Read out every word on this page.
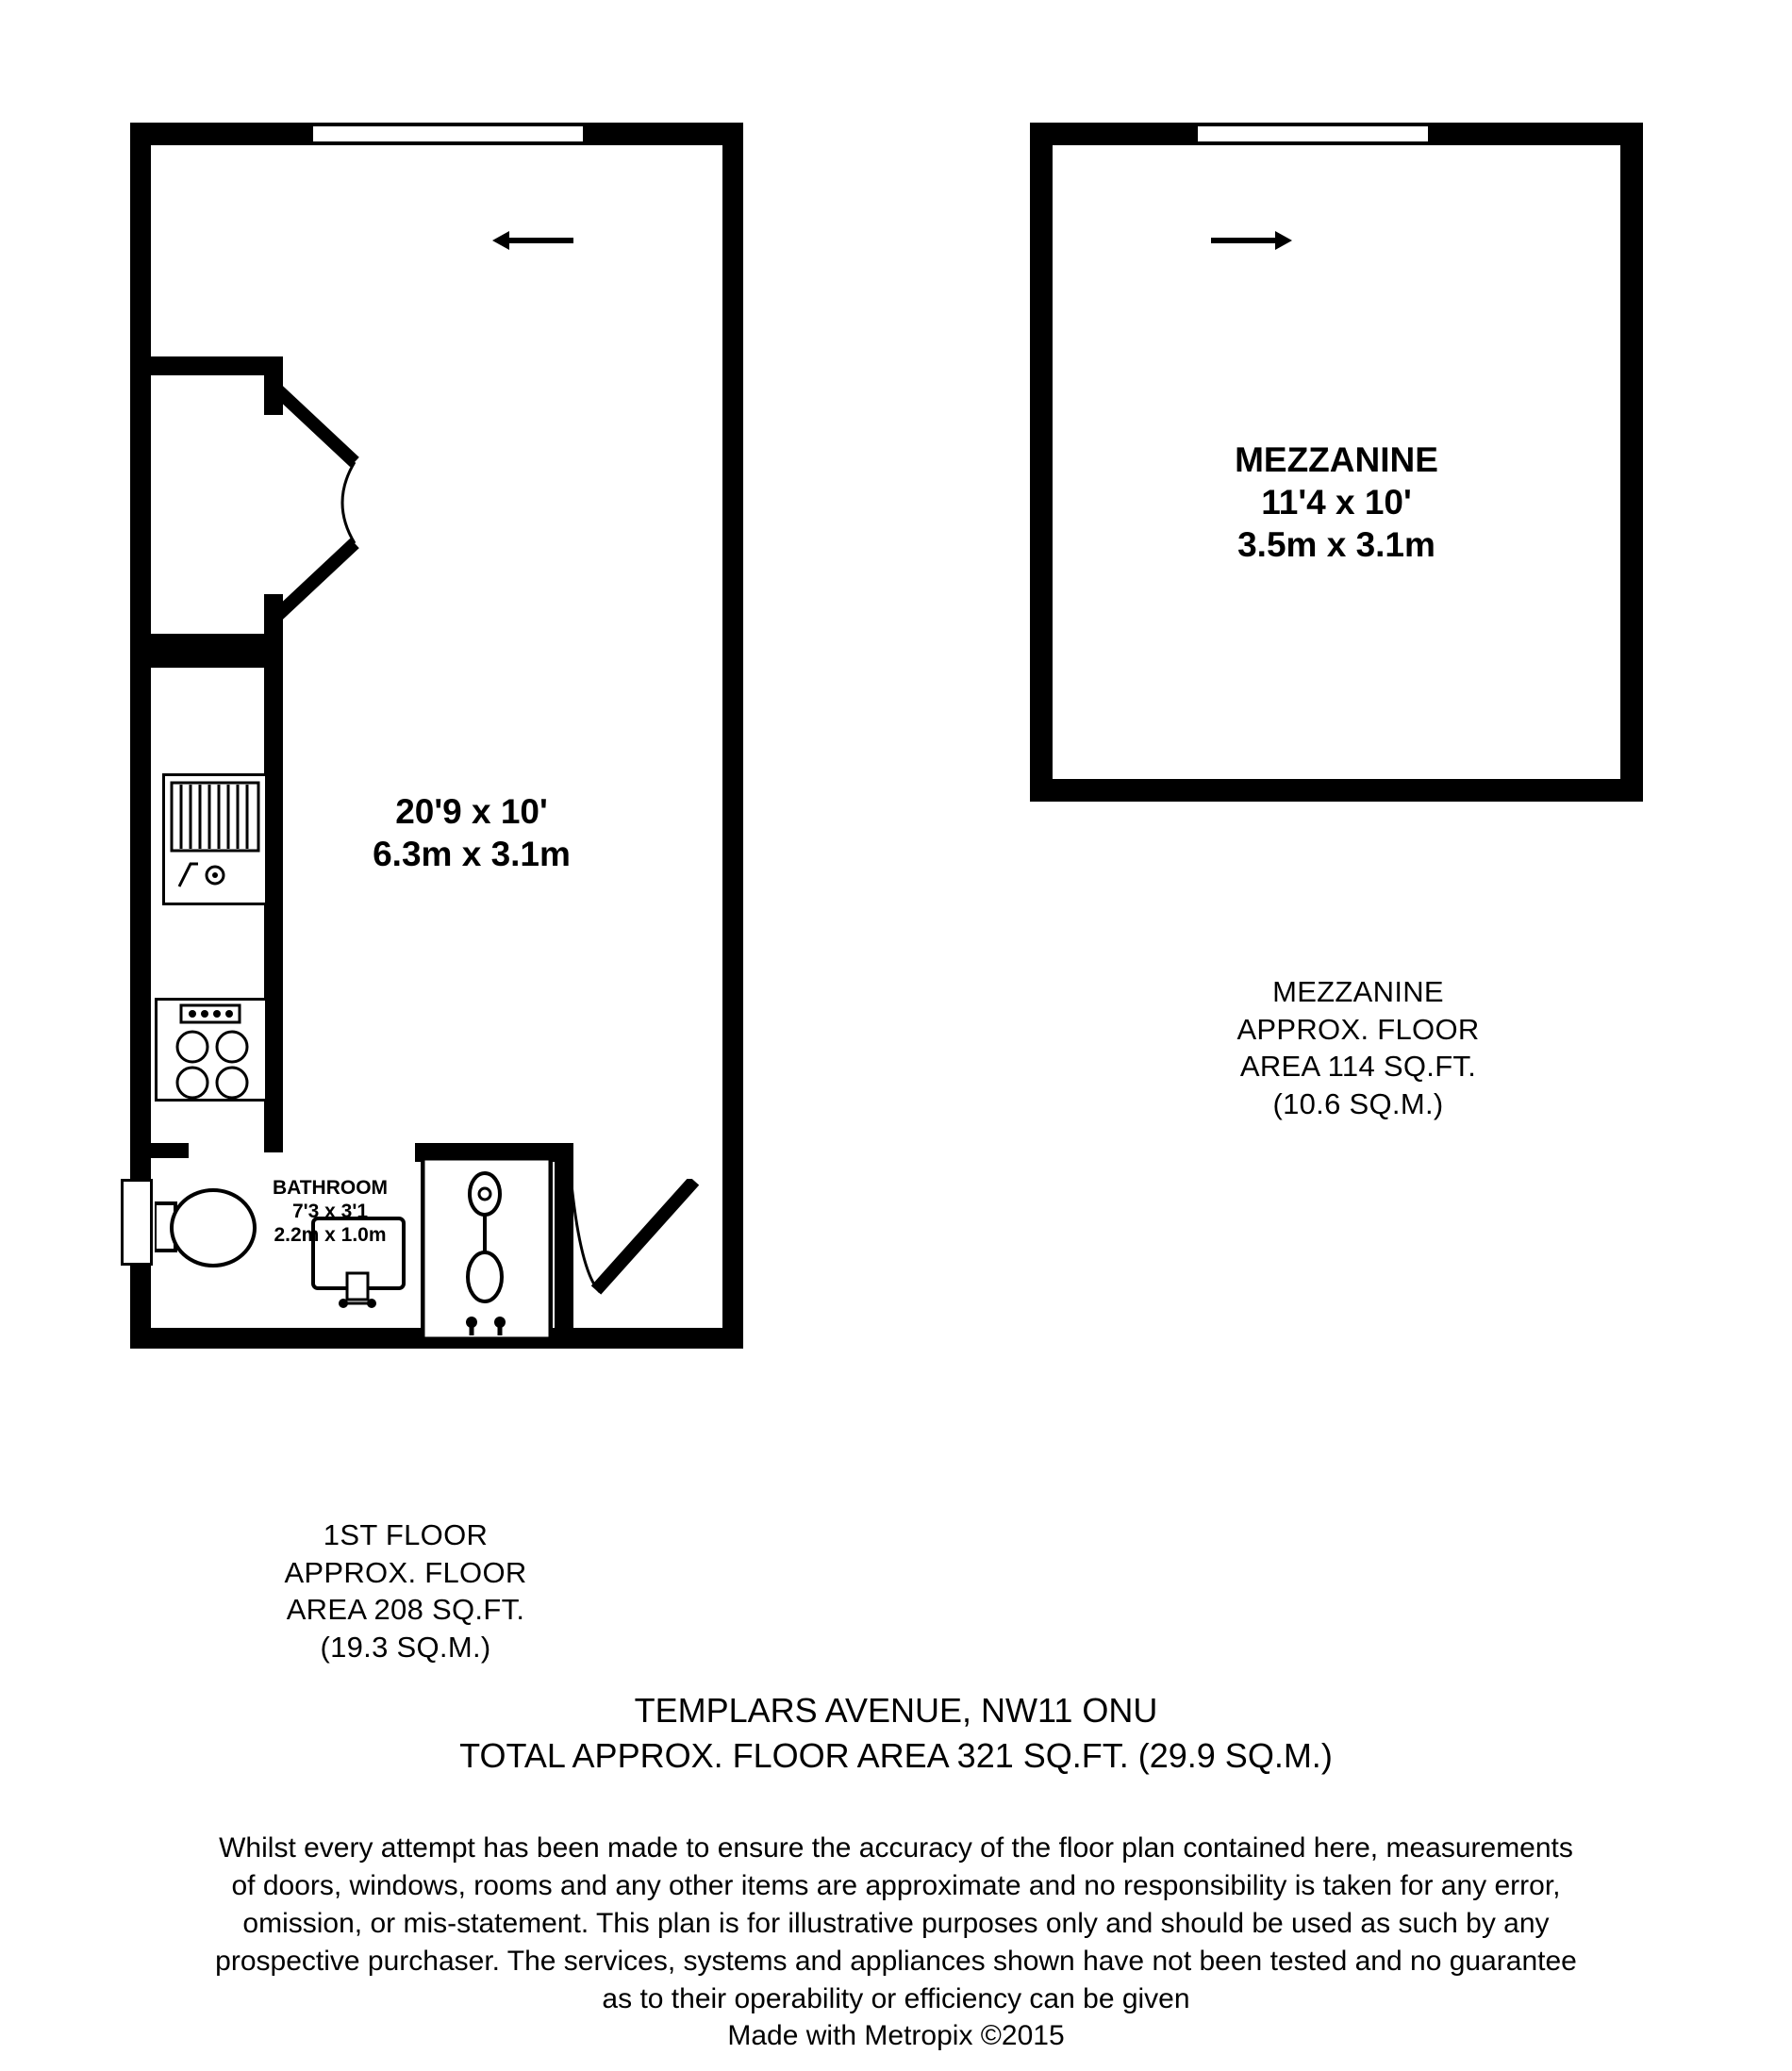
20'9 x 10'
6.3m x 3.1m
BATHROOM
7'3 x 3'1
2.2m x 1.0m
1ST FLOOR
APPROX. FLOOR
AREA 208 SQ.FT.
(19.3 SQ.M.)
MEZZANINE
11'4 x 10'
3.5m x 3.1m
MEZZANINE
APPROX. FLOOR
AREA 114 SQ.FT.
(10.6 SQ.M.)
TEMPLARS AVENUE, NW11 ONU
TOTAL APPROX. FLOOR AREA 321 SQ.FT. (29.9 SQ.M.)
Whilst every attempt has been made to ensure the accuracy of the floor plan contained here, measurements
of doors, windows, rooms and any other items are approximate and no responsibility is taken for any error,
omission, or mis-statement. This plan is for illustrative purposes only and should be used as such by any
prospective purchaser. The services, systems and appliances shown have not been tested and no guarantee
as to their operability or efficiency can be given
Made with Metropix ©2015
